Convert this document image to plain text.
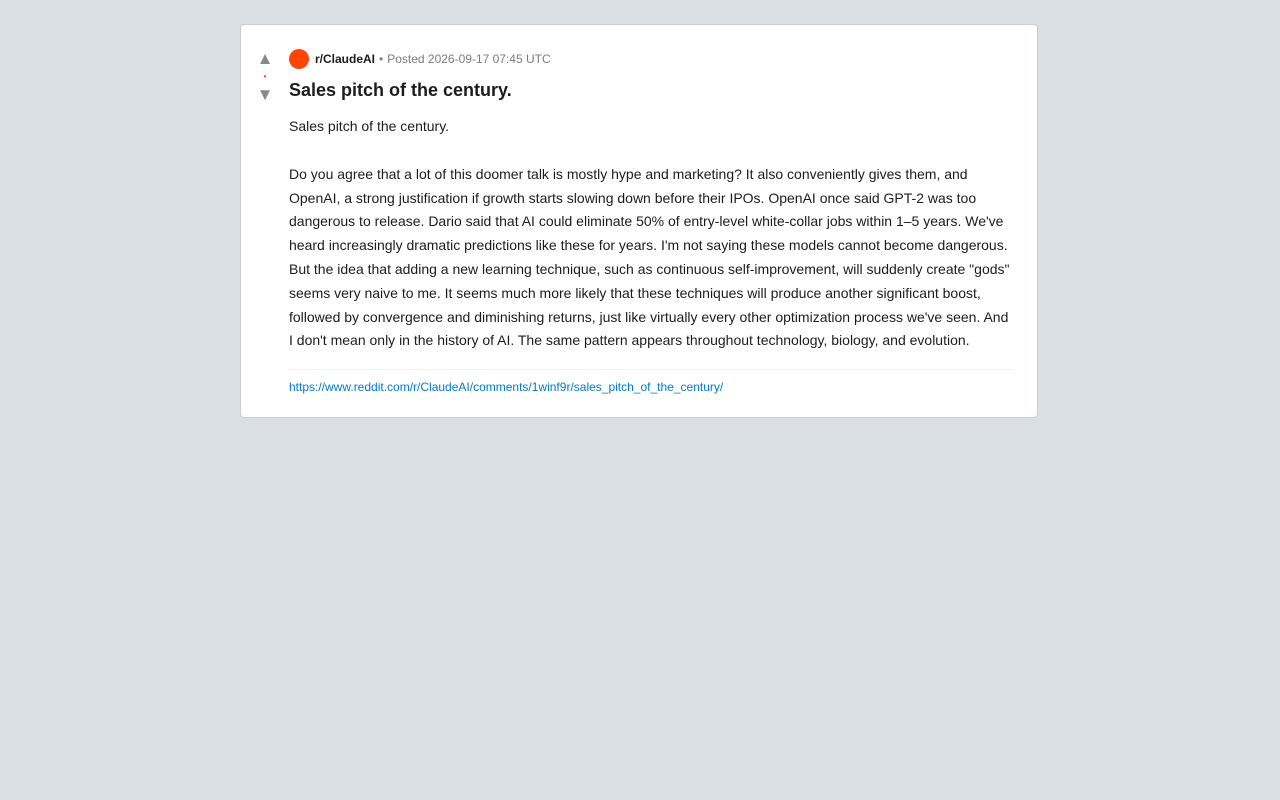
▲
•
▼
r/ClaudeAI • Posted 2026-09-17 07:45 UTC
Sales pitch of the century.

Sales pitch of the century.

Do you agree that a lot of this doomer talk is mostly hype and marketing? It also conveniently gives them, and OpenAI, a strong justification if growth starts slowing down before their IPOs. OpenAI once said GPT-2 was too dangerous to release. Dario said that AI could eliminate 50% of entry-level white-collar jobs within 1–5 years. We've heard increasingly dramatic predictions like these for years. I'm not saying these models cannot become dangerous. But the idea that adding a new learning technique, such as continuous self-improvement, will suddenly create "gods" seems very naive to me. It seems much more likely that these techniques will produce another significant boost, followed by convergence and diminishing returns, just like virtually every other optimization process we've seen. And I don't mean only in the history of AI. The same pattern appears throughout technology, biology, and evolution.

https://www.reddit.com/r/ClaudeAI/comments/1winf9r/sales_pitch_of_the_century/
